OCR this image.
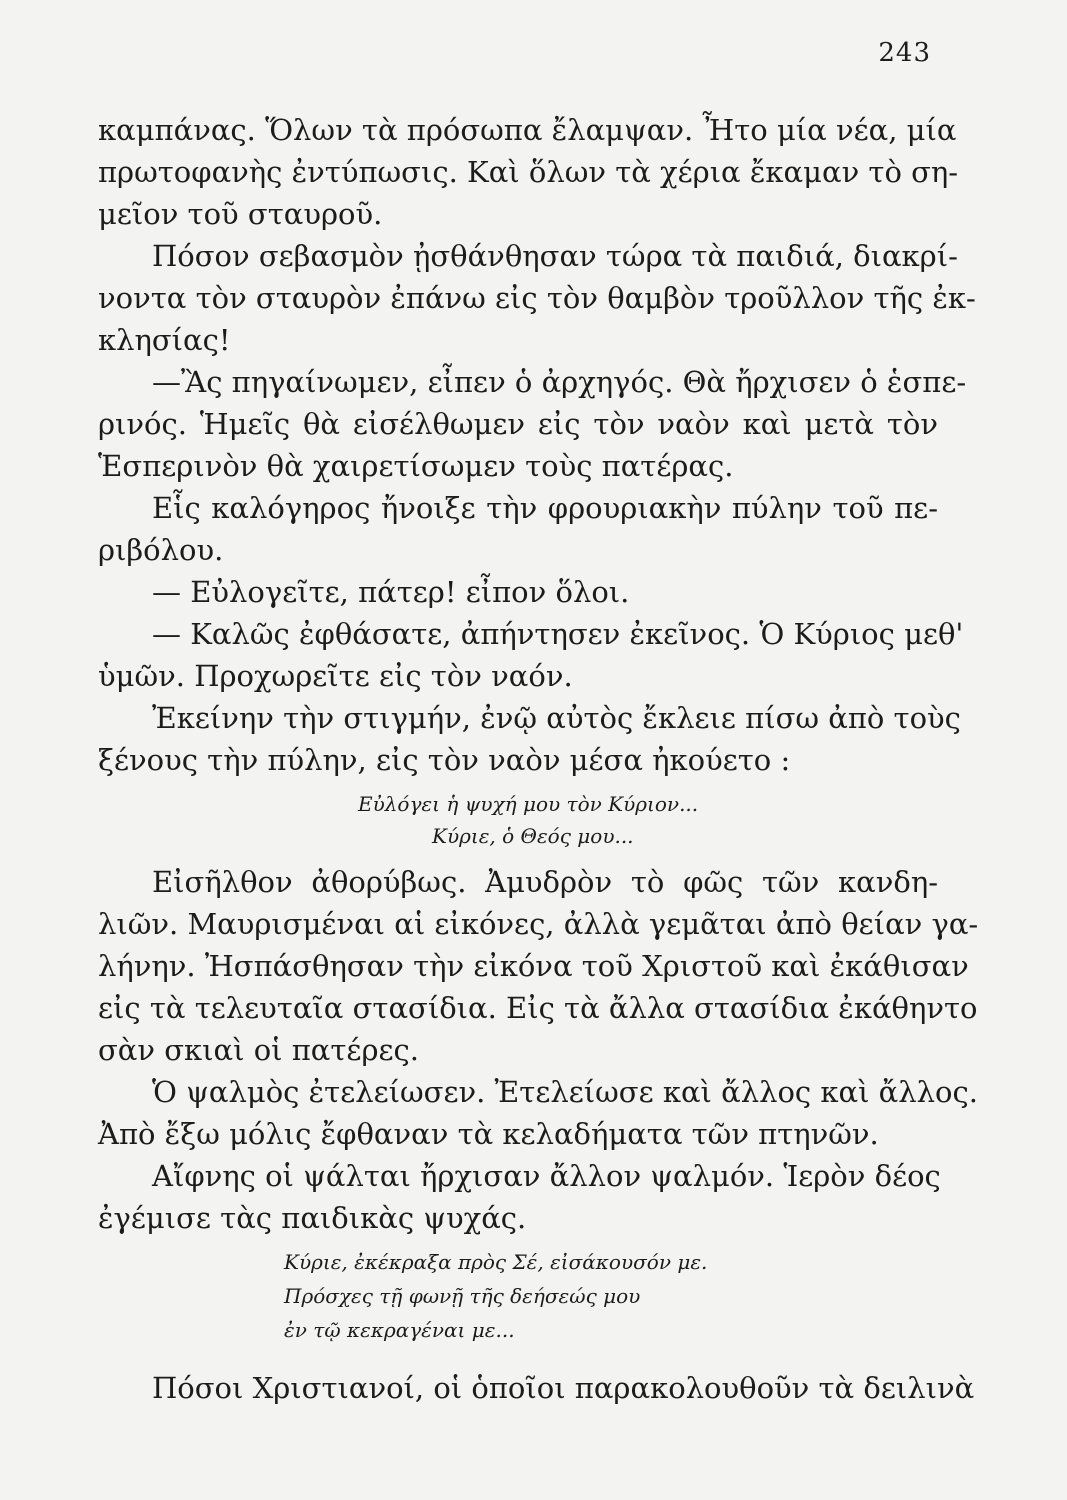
243
καμπάνας. Ὅλων τὰ πρόσωπα ἔλαμψαν. Ἦτο μία νέα, μία
πρωτοφανὴς ἐντύπωσις. Καὶ ὅλων τὰ χέρια ἔκαμαν τὸ ση-
μεῖον τοῦ σταυροῦ.
Πόσον σεβασμὸν ᾐσθάνθησαν τώρα τὰ παιδιά, διακρί-
νοντα τὸν σταυρὸν ἐπάνω εἰς τὸν θαμβὸν τροῦλλον τῆς ἐκ-
κλησίας!
—Ἂς πηγαίνωμεν, εἶπεν ὁ ἀρχηγός. Θὰ ἤρχισεν ὁ ἑσπε-
ρινός. Ἡμεῖς θὰ εἰσέλθωμεν εἰς τὸν ναὸν καὶ μετὰ τὸν
Ἑσπερινὸν θὰ χαιρετίσωμεν τοὺς πατέρας.
Εἷς καλόγηρος ἤνοιξε τὴν φρουριακὴν πύλην τοῦ πε-
ριβόλου.
— Εὐλογεῖτε, πάτερ! εἶπον ὅλοι.
— Καλῶς ἐφθάσατε, ἀπήντησεν ἐκεῖνος. Ὁ Κύριος μεθ'
ὑμῶν. Προχωρεῖτε εἰς τὸν ναόν.
Ἐκείνην τὴν στιγμήν, ἐνῷ αὐτὸς ἔκλειε πίσω ἀπὸ τοὺς
ξένους τὴν πύλην, εἰς τὸν ναὸν μέσα ἠκούετο :
Εὐλόγει ἡ ψυχή μου τὸν Κύριον...
Κύριε, ὁ Θεός μου...
Εἰσῆλθον ἀθορύβως. Ἀμυδρὸν τὸ φῶς τῶν κανδη-
λιῶν. Μαυρισμέναι αἱ εἰκόνες, ἀλλὰ γεμᾶται ἀπὸ θείαν γα-
λήνην. Ἠσπάσθησαν τὴν εἰκόνα τοῦ Χριστοῦ καὶ ἐκάθισαν
εἰς τὰ τελευταῖα στασίδια. Εἰς τὰ ἄλλα στασίδια ἐκάθηντο
σὰν σκιαὶ οἱ πατέρες.
Ὁ ψαλμὸς ἐτελείωσεν. Ἐτελείωσε καὶ ἄλλος καὶ ἄλλος.
Ἀπὸ ἔξω μόλις ἔφθαναν τὰ κελαδήματα τῶν πτηνῶν.
Αἴφνης οἱ ψάλται ἤρχισαν ἄλλον ψαλμόν. Ἱερὸν δέος
ἐγέμισε τὰς παιδικὰς ψυχάς.
Κύριε, ἐκέκραξα πρὸς Σέ, εἰσάκουσόν με.
Πρόσχες τῇ φωνῇ τῆς δεήσεώς μου
ἐν τῷ κεκραγέναι με...
Πόσοι Χριστιανοί, οἱ ὁποῖοι παρακολουθοῦν τὰ δειλινὰ
